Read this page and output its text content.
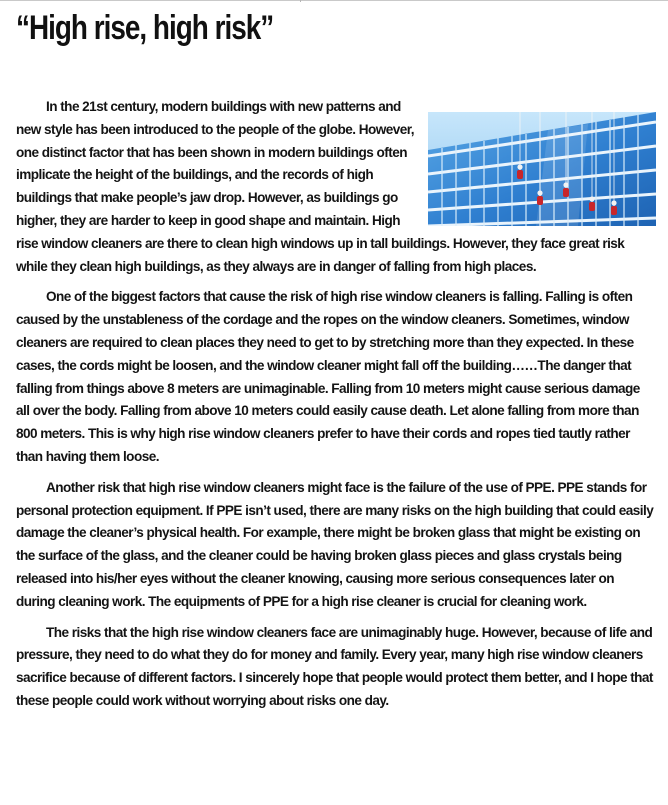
“High rise, high risk”

In the 21st century, modern buildings with new patterns and new style has been introduced to the people of the globe. However, one distinct factor that has been shown in modern buildings often implicate the height of the buildings, and the records of high buildings that make people’s jaw drop. However, as buildings go higher, they are harder to keep in good shape and maintain. High rise window cleaners are there to clean high windows up in tall buildings. However, they face great risk while they clean high buildings, as they always are in danger of falling from high places.

One of the biggest factors that cause the risk of high rise window cleaners is falling. Falling is often caused by the unstableness of the cordage and the ropes on the window cleaners. Sometimes, window cleaners are required to clean places they need to get to by stretching more than they expected. In these cases, the cords might be loosen, and the window cleaner might fall off the building……The danger that falling from things above 8 meters are unimaginable. Falling from 10 meters might cause serious damage all over the body. Falling from above 10 meters could easily cause death. Let alone falling from more than 800 meters. This is why high rise window cleaners prefer to have their cords and ropes tied tautly rather than having them loose.

Another risk that high rise window cleaners might face is the failure of the use of PPE. PPE stands for personal protection equipment. If PPE isn’t used, there are many risks on the high building that could easily damage the cleaner’s physical health. For example, there might be broken glass that might be existing on the surface of the glass, and the cleaner could be having broken glass pieces and glass crystals being released into his/her eyes without the cleaner knowing, causing more serious consequences later on during cleaning work. The equipments of PPE for a high rise cleaner is crucial for cleaning work.

The risks that the high rise window cleaners face are unimaginably huge. However, because of life and pressure, they need to do what they do for money and family. Every year, many high rise window cleaners sacrifice because of different factors. I sincerely hope that people would protect them better, and I hope that these people could work without worrying about risks one day.
